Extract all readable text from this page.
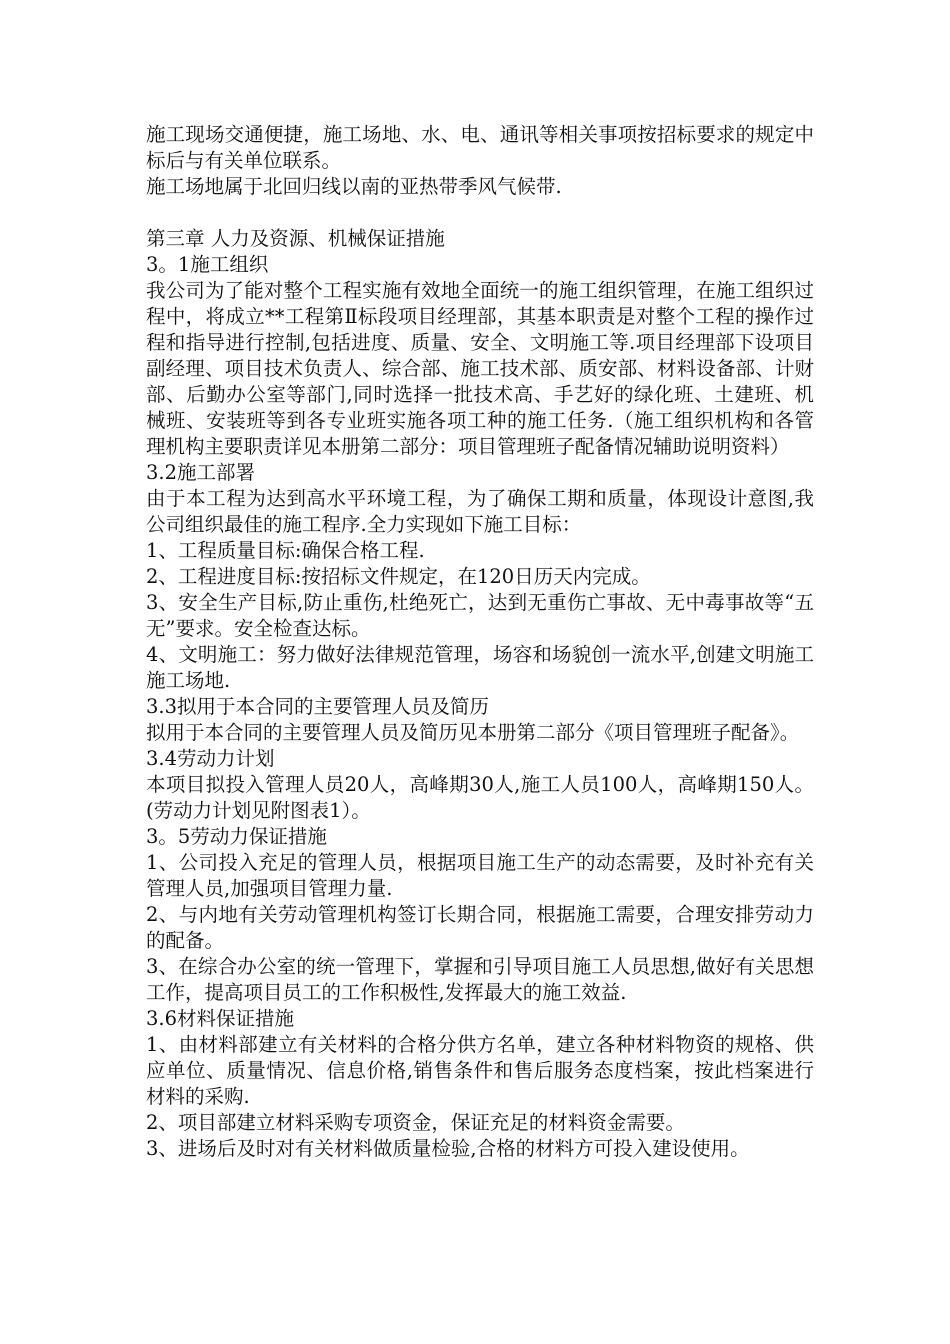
施工现场交通便捷，施工场地、水、电、通讯等相关事项按招标要求的规定中标后与有关单位联系。

施工场地属于北回归线以南的亚热带季风气候带.

第三章 人力及资源、机械保证措施

3。1施工组织

我公司为了能对整个工程实施有效地全面统一的施工组织管理，在施工组织过程中，将成立**工程第Ⅱ标段项目经理部，其基本职责是对整个工程的操作过程和指导进行控制,包括进度、质量、安全、文明施工等.项目经理部下设项目副经理、项目技术负责人、综合部、施工技术部、质安部、材料设备部、计财部、后勤办公室等部门,同时选择一批技术高、手艺好的绿化班、土建班、机械班、安装班等到各专业班实施各项工种的施工任务.（施工组织机构和各管理机构主要职责详见本册第二部分：项目管理班子配备情况辅助说明资料）

3.2施工部署

由于本工程为达到高水平环境工程，为了确保工期和质量，体现设计意图,我公司组织最佳的施工程序.全力实现如下施工目标：

1、工程质量目标:确保合格工程.

2、工程进度目标:按招标文件规定，在120日历天内完成。

3、安全生产目标,防止重伤,杜绝死亡，达到无重伤亡事故、无中毒事故等“五无”要求。安全检查达标。

4、文明施工：努力做好法律规范管理，场容和场貌创一流水平,创建文明施工施工场地.

3.3拟用于本合同的主要管理人员及简历

拟用于本合同的主要管理人员及简历见本册第二部分《项目管理班子配备》。

3.4劳动力计划

本项目拟投入管理人员20人，高峰期30人,施工人员100人，高峰期150人。(劳动力计划见附图表1）。

3。5劳动力保证措施

1、公司投入充足的管理人员，根据项目施工生产的动态需要，及时补充有关管理人员,加强项目管理力量.

2、与内地有关劳动管理机构签订长期合同，根据施工需要，合理安排劳动力的配备。

3、在综合办公室的统一管理下，掌握和引导项目施工人员思想,做好有关思想工作，提高项目员工的工作积极性,发挥最大的施工效益.

3.6材料保证措施

1、由材料部建立有关材料的合格分供方名单，建立各种材料物资的规格、供应单位、质量情况、信息价格,销售条件和售后服务态度档案，按此档案进行材料的采购.

2、项目部建立材料采购专项资金，保证充足的材料资金需要。

3、进场后及时对有关材料做质量检验,合格的材料方可投入建设使用。
